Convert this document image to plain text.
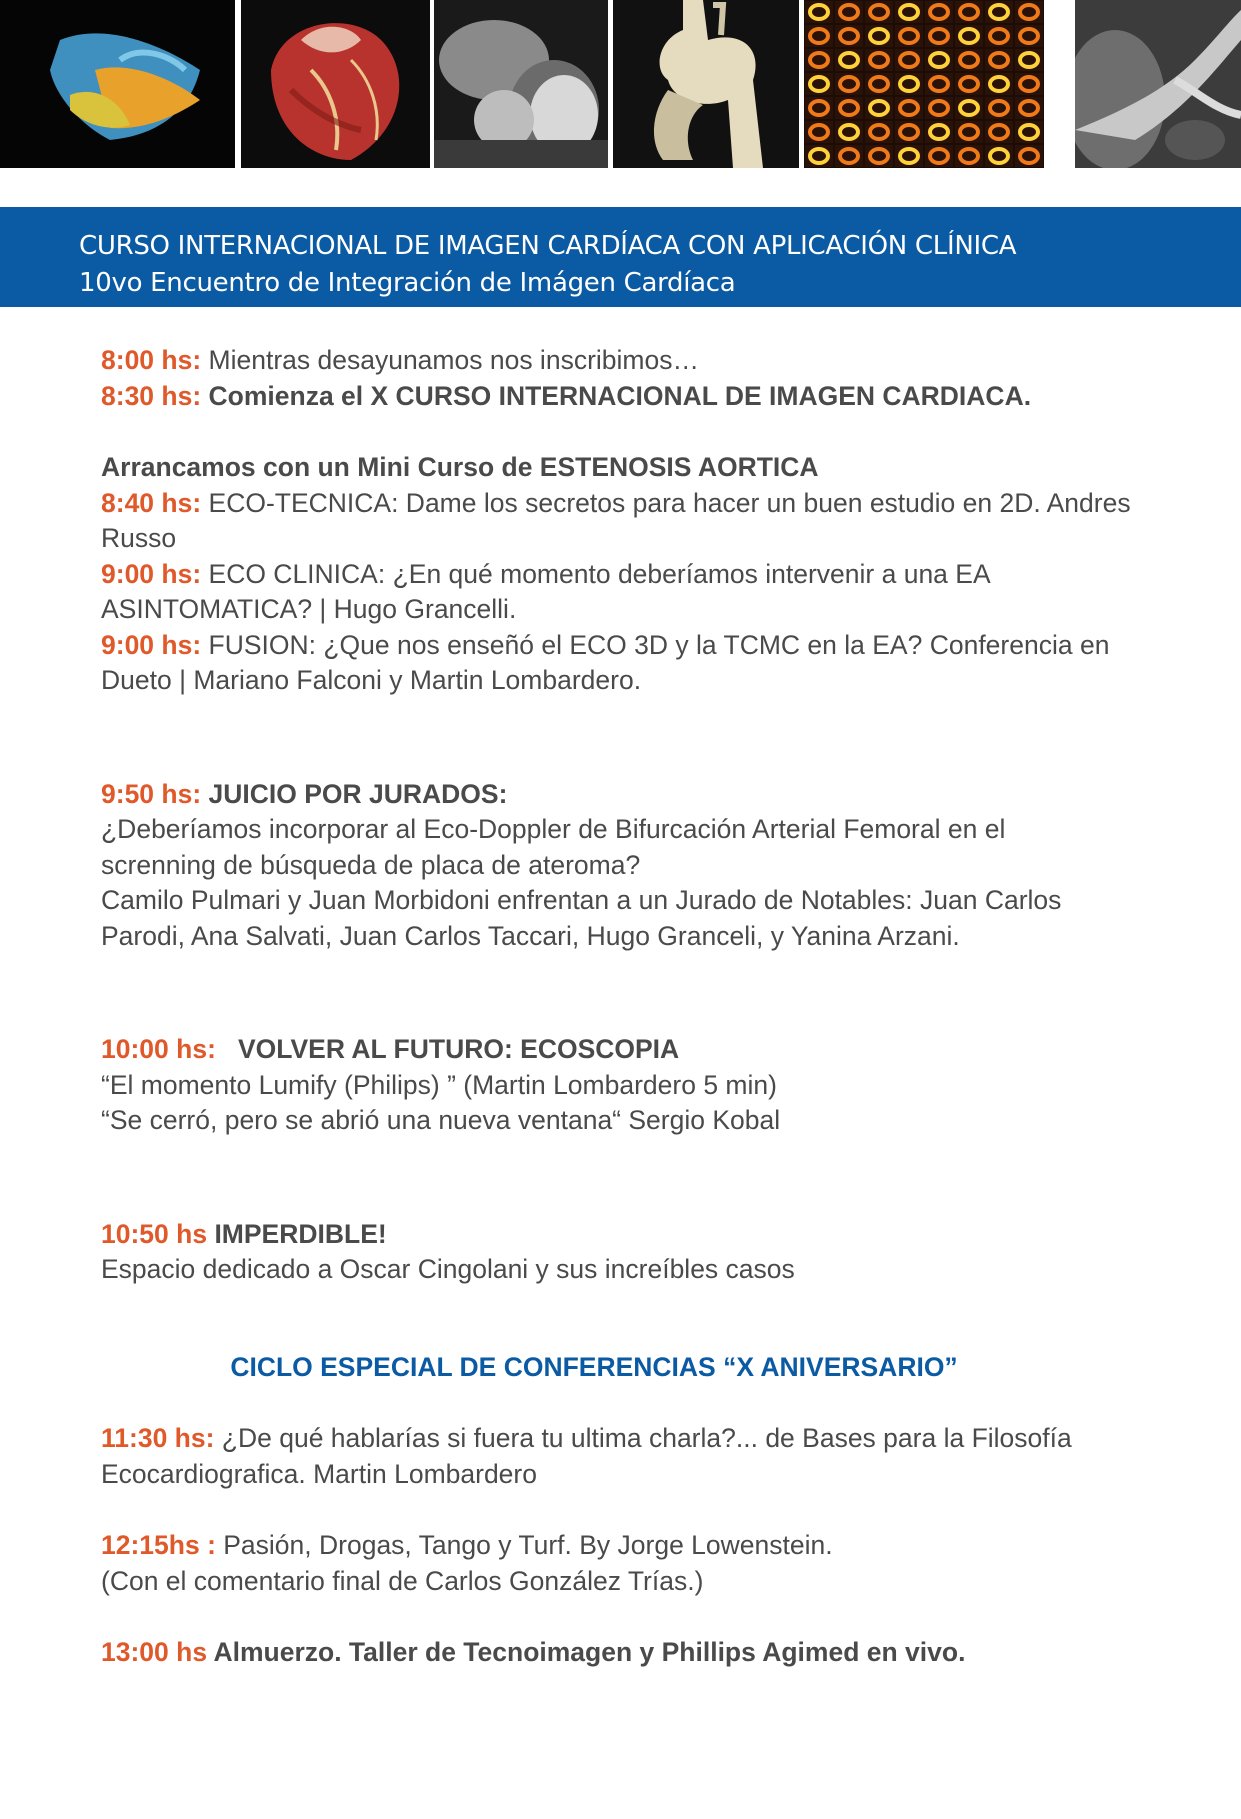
CURSO INTERNACIONAL DE IMAGEN CARDÍACA CON APLICACIÓN CLÍNICA
10vo Encuentro de Integración de Imágen Cardíaca

8:00 hs: Mientras desayunamos nos inscribimos…

8:30 hs: Comienza el X CURSO INTERNACIONAL DE IMAGEN CARDIACA.

Arrancamos con un Mini Curso de ESTENOSIS AORTICA

8:40 hs: ECO-TECNICA: Dame los secretos para hacer un buen estudio en 2D. Andres Russo

9:00 hs: ECO CLINICA: ¿En qué momento deberíamos intervenir a una EA ASINTOMATICA? | Hugo Grancelli.

9:00 hs: FUSION: ¿Que nos enseñó el ECO 3D y la TCMC en la EA? Conferencia en Dueto | Mariano Falconi y Martin Lombardero.

9:50 hs: JUICIO POR JURADOS:

¿Deberíamos incorporar al Eco-Doppler de Bifurcación Arterial Femoral en el screnning de búsqueda de placa de ateroma?

Camilo Pulmari y Juan Morbidoni enfrentan a un Jurado de Notables: Juan Carlos Parodi, Ana Salvati, Juan Carlos Taccari, Hugo Granceli, y Yanina Arzani.

10:00 hs:   VOLVER AL FUTURO: ECOSCOPIA

“El momento Lumify (Philips) ” (Martin Lombardero 5 min)

“Se cerró, pero se abrió una nueva ventana“ Sergio Kobal

10:50 hs IMPERDIBLE!

Espacio dedicado a Oscar Cingolani y sus increíbles casos

CICLO ESPECIAL DE CONFERENCIAS “X ANIVERSARIO”

11:30 hs: ¿De qué hablarías si fuera tu ultima charla?... de Bases para la Filosofía Ecocardiografica. Martin Lombardero

12:15hs : Pasión, Drogas, Tango y Turf. By Jorge Lowenstein.

(Con el comentario final de Carlos González Trías.)

13:00 hs Almuerzo. Taller de Tecnoimagen y Phillips Agimed en vivo.
